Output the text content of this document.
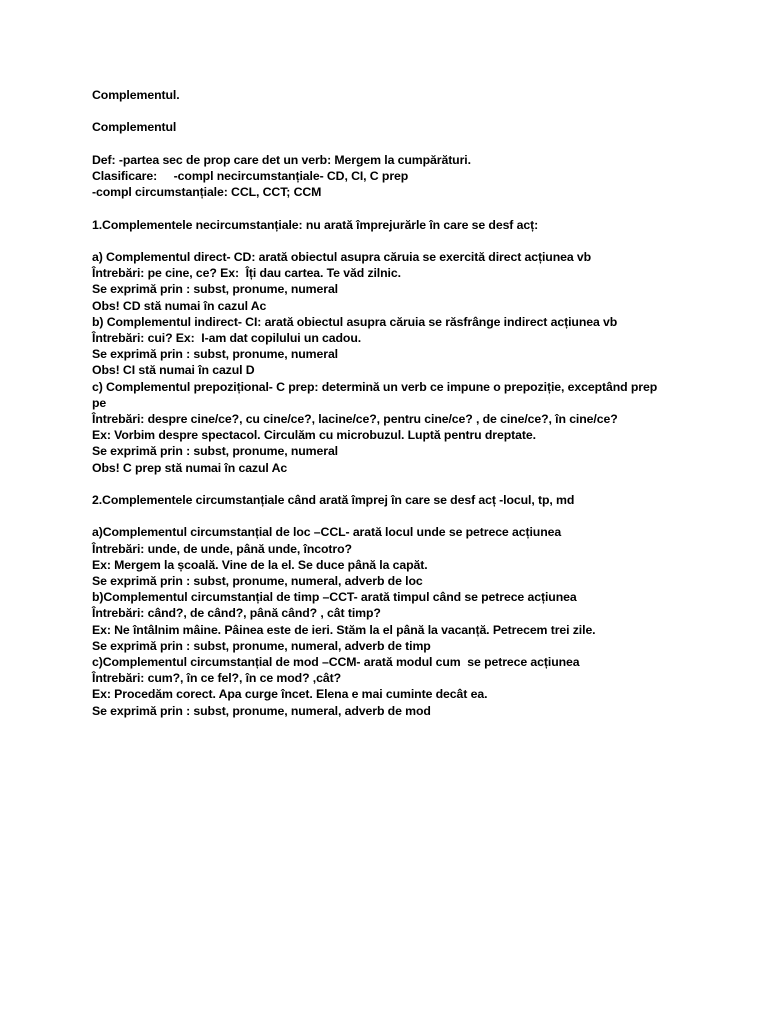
Complementul.
Complementul
Def: -partea sec de prop care det un verb: Mergem la cumpărături.
Clasificare:     -compl necircumstanțiale- CD, CI, C prep
-compl circumstanțiale: CCL, CCT; CCM
1.Complementele necircumstanțiale: nu arată împrejurărle în care se desf acț:
a) Complementul direct- CD: arată obiectul asupra căruia se exercită direct acțiunea vb
Întrebări: pe cine, ce? Ex:  Îți dau cartea. Te văd zilnic.
Se exprimă prin : subst, pronume, numeral
Obs! CD stă numai în cazul Ac
b) Complementul indirect- CI: arată obiectul asupra căruia se răsfrânge indirect acțiunea vb
Întrebări: cui? Ex:  I-am dat copilului un cadou.
Se exprimă prin : subst, pronume, numeral
Obs! CI stă numai în cazul D
c) Complementul prepozițional- C prep: determină un verb ce impune o prepoziție, exceptând prep
pe
Întrebări: despre cine/ce?, cu cine/ce?, lacine/ce?, pentru cine/ce? , de cine/ce?, în cine/ce?
Ex: Vorbim despre spectacol. Circulăm cu microbuzul. Luptă pentru dreptate.
Se exprimă prin : subst, pronume, numeral
Obs! C prep stă numai în cazul Ac
2.Complementele circumstanțiale când arată împrej în care se desf acț -locul, tp, md
a)Complementul circumstanțial de loc –CCL- arată locul unde se petrece acțiunea
Întrebări: unde, de unde, până unde, încotro?
Ex: Mergem la școală. Vine de la el. Se duce până la capăt.
Se exprimă prin : subst, pronume, numeral, adverb de loc
b)Complementul circumstanțial de timp –CCT- arată timpul când se petrece acțiunea
Întrebări: când?, de când?, până când? , cât timp?
Ex: Ne întâlnim mâine. Pâinea este de ieri. Stăm la el până la vacanță. Petrecem trei zile.
Se exprimă prin : subst, pronume, numeral, adverb de timp
c)Complementul circumstanțial de mod –CCM- arată modul cum  se petrece acțiunea
Întrebări: cum?, în ce fel?, în ce mod? ,cât?
Ex: Procedăm corect. Apa curge încet. Elena e mai cuminte decât ea.
Se exprimă prin : subst, pronume, numeral, adverb de mod
